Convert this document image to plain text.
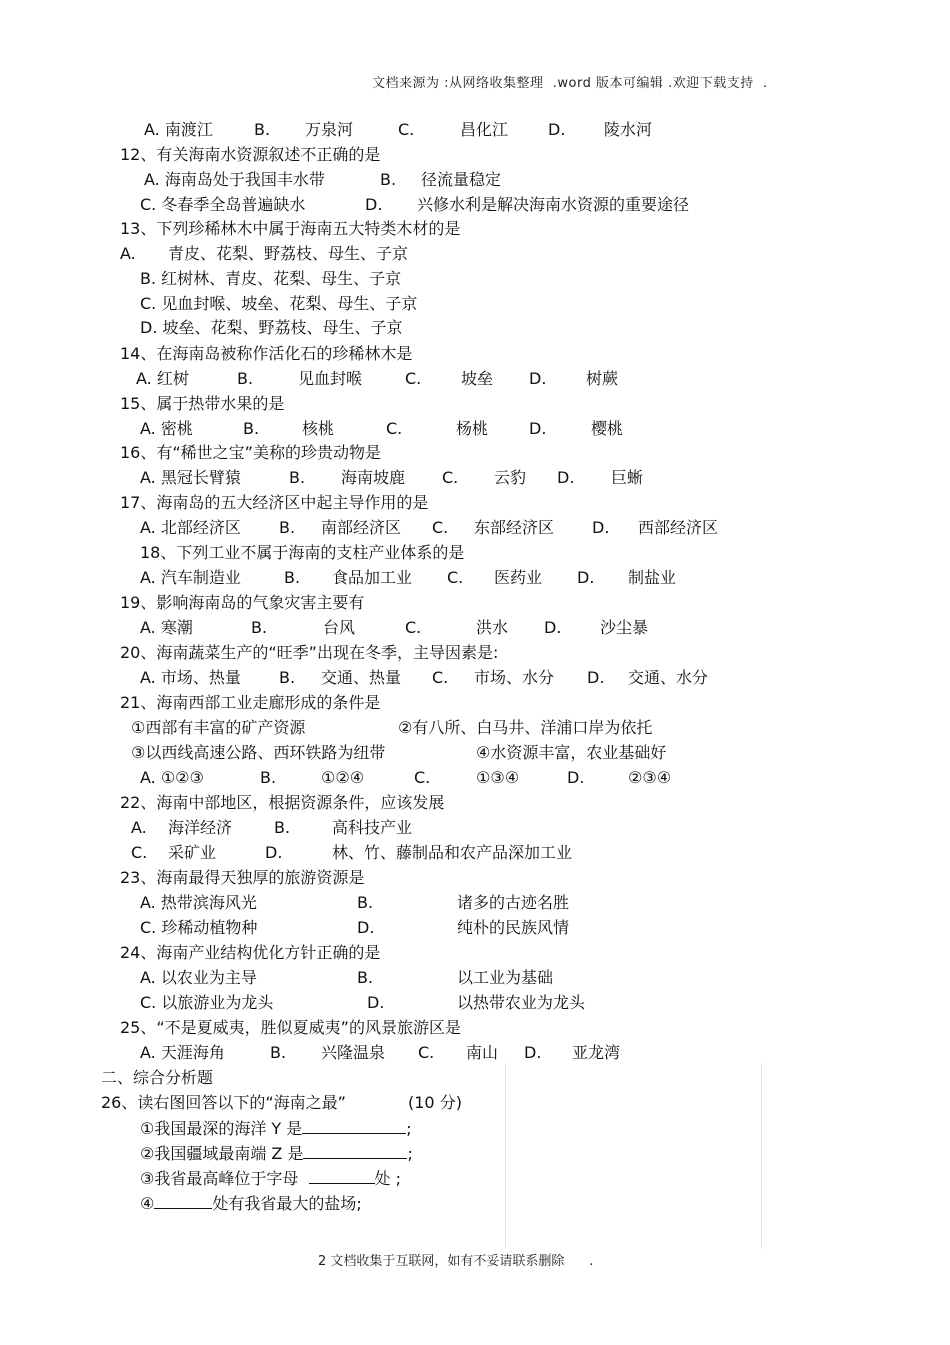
文档来源为 :从网络收集整理  .word 版本可编辑 .欢迎下载支持  .
A. 南渡江	B. 万泉河	C.	昌化江 D. 陵水河
12、有关海南水资源叙述不正确的是
A. 海南岛处于我国丰水带	B. 径流量稳定
C. 冬春季全岛普遍缺水	D. 兴修水利是解决海南水资源的重要途径
13、下列珍稀林木中属于海南五大特类木材的是
A. 青皮、花梨、野荔枝、母生、子京
B. 红树林、青皮、花梨、母生、子京
C. 见血封喉、坡垒、花梨、母生、子京
D. 坡垒、花梨、野荔枝、母生、子京
14、在海南岛被称作活化石的珍稀林木是
A. 红树	B.	见血封喉	C. 坡垒 D. 树蕨
15、属于热带水果的是
A. 密桃	B.	核桃	C.	杨桃	D.	樱桃
16、有“稀世之宝”美称的珍贵动物是
A. 黑冠长臂猿	B. 海南坡鹿 C. 云豹 D. 巨蜥
17、海南岛的五大经济区中起主导作用的是
A. 北部经济区 B. 南部经济区 C. 东部经济区 D. 西部经济区
18、下列工业不属于海南的支柱产业体系的是
A. 汽车制造业	B. 食品加工业 C. 医药业 D. 制盐业
19、影响海南岛的气象灾害主要有
A. 寒潮	B.	台风	C.	洪水 D. 沙尘暴
20、海南蔬菜生产的“旺季”出现在冬季，主导因素是:
A. 市场、热量 B. 交通、热量 C. 市场、水分 D. 交通、水分
21、海南西部工业走廊形成的条件是
①西部有丰富的矿产资源	②有八所、白马井、洋浦口岸为依托
③以西线高速公路、西环铁路为纽带	④水资源丰富，农业基础好
A. ①②③	B.	①②④	C.	①③④	D.	②③④
22、海南中部地区，根据资源条件，应该发展
A. 海洋经济	B.	高科技产业
C. 采矿业	D.	林、竹、藤制品和农产品深加工业
23、海南最得天独厚的旅游资源是
A. 热带滨海风光	B.	诸多的古迹名胜
C. 珍稀动植物种	D.	纯朴的民族风情
24、海南产业结构优化方针正确的是
A. 以农业为主导	B.	以工业为基础
C. 以旅游业为龙头	D.	以热带农业为龙头
25、“不是夏威夷，胜似夏威夷”的风景旅游区是
A. 天涯海角	B. 兴隆温泉 C. 南山 D. 亚龙湾
二、综合分析题
26、读右图回答以下的“海南之最”	(10 分)
①我国最深的海洋 Y 是	;
②我国疆域最南端 Z 是	;
③我省最高峰位于字母	处 ;
④	处有我省最大的盐场;
2 文档收集于互联网，如有不妥请联系删除      .
